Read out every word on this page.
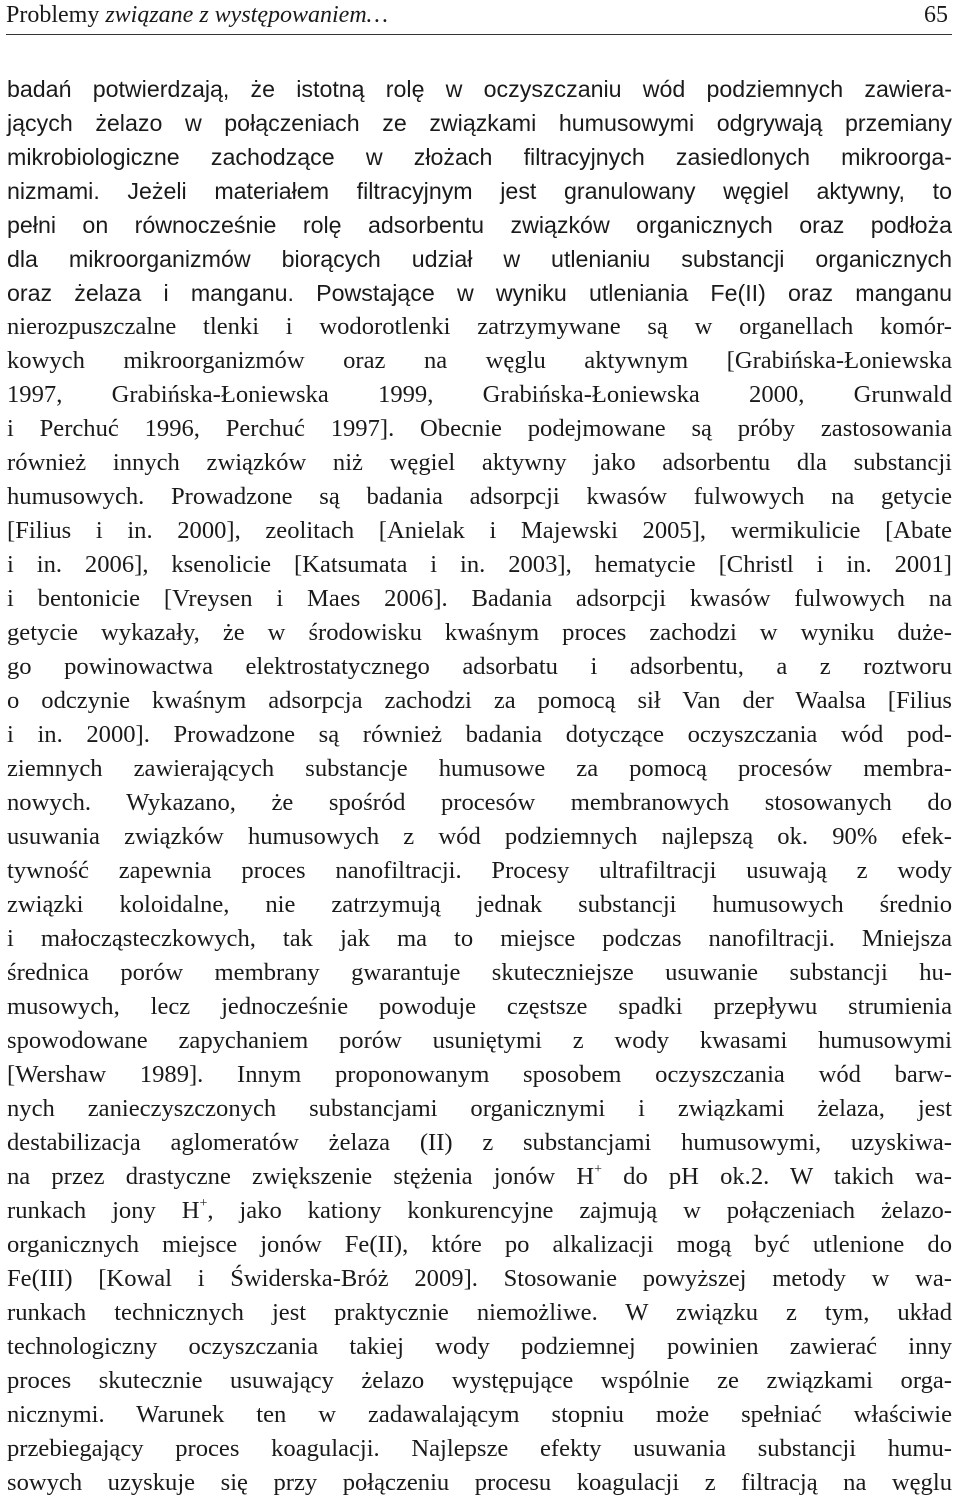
Problemy związane z występowaniem…	65
badań potwierdzają, że istotną rolę w oczyszczaniu wód podziemnych zawiera-
jących żelazo w połączeniach ze związkami humusowymi odgrywają przemiany
mikrobiologiczne zachodzące w złożach filtracyjnych zasiedlonych mikroorga-
nizmami. Jeżeli materiałem filtracyjnym jest granulowany węgiel aktywny, to
pełni on równocześnie rolę adsorbentu związków organicznych oraz podłoża
dla mikroorganizmów biorących udział w utlenianiu substancji organicznych
oraz żelaza i manganu. Powstające w wyniku utleniania Fe(II) oraz manganu
nierozpuszczalne tlenki i wodorotlenki zatrzymywane są w organellach komór-
kowych mikroorganizmów oraz na węglu aktywnym [Grabińska-Łoniewska
1997, Grabińska-Łoniewska 1999, Grabińska-Łoniewska 2000, Grunwald
i Perchuć 1996, Perchuć 1997]. Obecnie podejmowane są próby zastosowania
również innych związków niż węgiel aktywny jako adsorbentu dla substancji
humusowych. Prowadzone są badania adsorpcji kwasów fulwowych na getycie
[Filius i in. 2000], zeolitach [Anielak i Majewski 2005], wermikulicie [Abate
i in. 2006], ksenolicie [Katsumata i in. 2003], hematycie [Christl i in. 2001]
i bentonicie [Vreysen i Maes 2006]. Badania adsorpcji kwasów fulwowych na
getycie wykazały, że w środowisku kwaśnym proces zachodzi w wyniku duże-
go powinowactwa elektrostatycznego adsorbatu i adsorbentu, a z roztworu
o odczynie kwaśnym adsorpcja zachodzi za pomocą sił Van der Waalsa [Filius
i in. 2000]. Prowadzone są również badania dotyczące oczyszczania wód pod-
ziemnych zawierających substancje humusowe za pomocą procesów membra-
nowych. Wykazano, że spośród procesów membranowych stosowanych do
usuwania związków humusowych z wód podziemnych najlepszą ok. 90% efek-
tywność zapewnia proces nanofiltracji. Procesy ultrafiltracji usuwają z wody
związki koloidalne, nie zatrzymują jednak substancji humusowych średnio
i małocząsteczkowych, tak jak ma to miejsce podczas nanofiltracji. Mniejsza
średnica porów membrany gwarantuje skuteczniejsze usuwanie substancji hu-
musowych, lecz jednocześnie powoduje częstsze spadki przepływu strumienia
spowodowane zapychaniem porów usuniętymi z wody kwasami humusowymi
[Wershaw 1989]. Innym proponowanym sposobem oczyszczania wód barw-
nych zanieczyszczonych substancjami organicznymi i związkami żelaza, jest
destabilizacja aglomeratów żelaza (II) z substancjami humusowymi, uzyskiwa-
na przez drastyczne zwiększenie stężenia jonów H+ do pH ok.2. W takich wa-
runkach jony H+, jako kationy konkurencyjne zajmują w połączeniach żelazo-
organicznych miejsce jonów Fe(II), które po alkalizacji mogą być utlenione do
Fe(III) [Kowal i Świderska-Bróż 2009]. Stosowanie powyższej metody w wa-
runkach technicznych jest praktycznie niemożliwe. W związku z tym, układ
technologiczny oczyszczania takiej wody podziemnej powinien zawierać inny
proces skutecznie usuwający żelazo występujące wspólnie ze związkami orga-
nicznymi. Warunek ten w zadawalającym stopniu może spełniać właściwie
przebiegający proces koagulacji. Najlepsze efekty usuwania substancji humu-
sowych uzyskuje się przy połączeniu procesu koagulacji z filtracją na węglu
